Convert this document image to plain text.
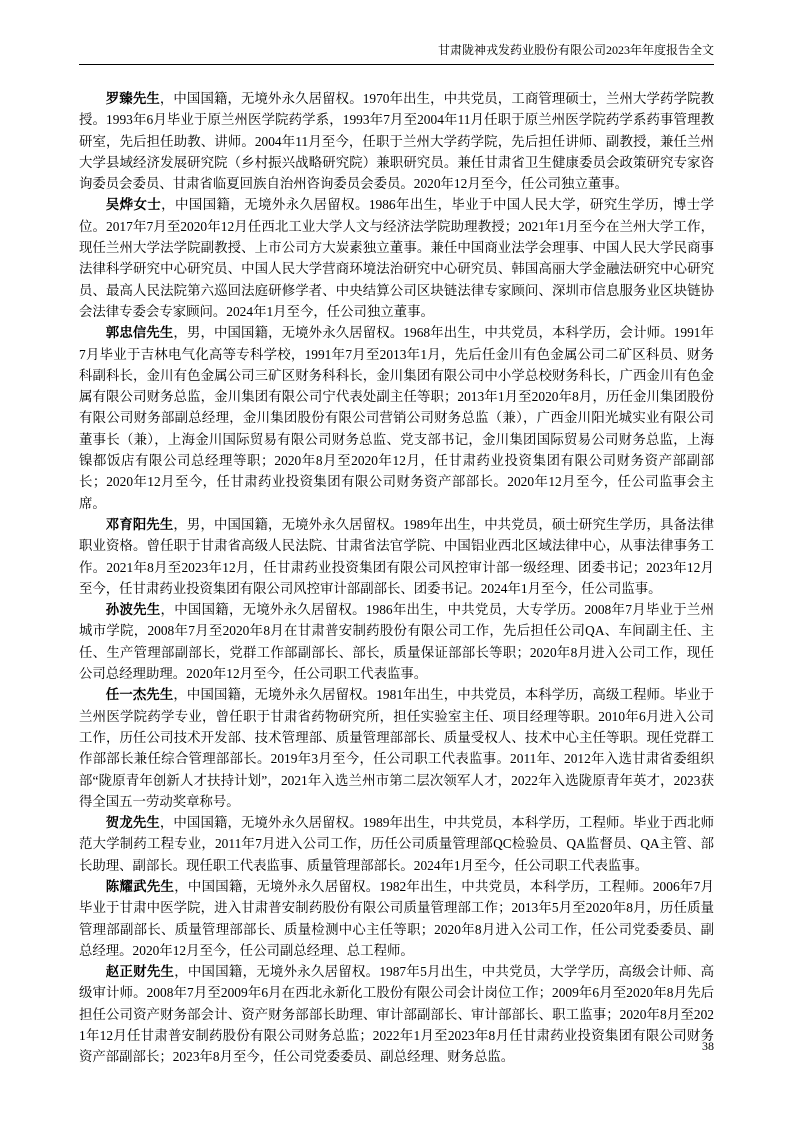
甘肃陇神戎发药业股份有限公司2023年年度报告全文

罗臻先生，中国国籍，无境外永久居留权。1970年出生，中共党员，工商管理硕士，兰州大学药学院教授。1993年6月毕业于原兰州医学院药学系，1993年7月至2004年11月任职于原兰州医学院药学系药事管理教研室，先后担任助教、讲师。2004年11月至今，任职于兰州大学药学院，先后担任讲师、副教授，兼任兰州大学县域经济发展研究院（乡村振兴战略研究院）兼职研究员。兼任甘肃省卫生健康委员会政策研究专家咨询委员会委员、甘肃省临夏回族自治州咨询委员会委员。2020年12月至今，任公司独立董事。

吴烨女士，中国国籍，无境外永久居留权。1986年出生，毕业于中国人民大学，研究生学历，博士学位。2017年7月至2020年12月任西北工业大学人文与经济法学院助理教授；2021年1月至今在兰州大学工作，现任兰州大学法学院副教授、上市公司方大炭素独立董事。兼任中国商业法学会理事、中国人民大学民商事法律科学研究中心研究员、中国人民大学营商环境法治研究中心研究员、韩国高丽大学金融法研究中心研究员、最高人民法院第六巡回法庭研修学者、中央结算公司区块链法律专家顾问、深圳市信息服务业区块链协会法律专委会专家顾问。2024年1月至今，任公司独立董事。

郭忠信先生，男，中国国籍，无境外永久居留权。1968年出生，中共党员，本科学历，会计师。1991年7月毕业于吉林电气化高等专科学校，1991年7月至2013年1月，先后任金川有色金属公司二矿区科员、财务科副科长，金川有色金属公司三矿区财务科科长，金川集团有限公司中小学总校财务科长，广西金川有色金属有限公司财务总监，金川集团有限公司宁代表处副主任等职；2013年1月至2020年8月，历任金川集团股份有限公司财务部副总经理，金川集团股份有限公司营销公司财务总监（兼），广西金川阳光城实业有限公司董事长（兼），上海金川国际贸易有限公司财务总监、党支部书记，金川集团国际贸易公司财务总监，上海镍都饭店有限公司总经理等职；2020年8月至2020年12月，任甘肃药业投资集团有限公司财务资产部副部长；2020年12月至今，任甘肃药业投资集团有限公司财务资产部部长。2020年12月至今，任公司监事会主席。

邓育阳先生，男，中国国籍，无境外永久居留权。1989年出生，中共党员，硕士研究生学历，具备法律职业资格。曾任职于甘肃省高级人民法院、甘肃省法官学院、中国铝业西北区域法律中心，从事法律事务工作。2021年8月至2023年12月，任甘肃药业投资集团有限公司风控审计部一级经理、团委书记；2023年12月至今，任甘肃药业投资集团有限公司风控审计部副部长、团委书记。2024年1月至今，任公司监事。

孙波先生，中国国籍，无境外永久居留权。1986年出生，中共党员，大专学历。2008年7月毕业于兰州城市学院，2008年7月至2020年8月在甘肃普安制药股份有限公司工作，先后担任公司QA、车间副主任、主任、生产管理部副部长，党群工作部副部长、部长，质量保证部部长等职；2020年8月进入公司工作，现任公司总经理助理。2020年12月至今，任公司职工代表监事。

任一杰先生，中国国籍，无境外永久居留权。1981年出生，中共党员，本科学历，高级工程师。毕业于兰州医学院药学专业，曾任职于甘肃省药物研究所，担任实验室主任、项目经理等职。2010年6月进入公司工作，历任公司技术开发部、技术管理部、质量管理部部长、质量受权人、技术中心主任等职。现任党群工作部部长兼任综合管理部部长。2019年3月至今，任公司职工代表监事。2011年、2012年入选甘肃省委组织部“陇原青年创新人才扶持计划”，2021年入选兰州市第二层次领军人才，2022年入选陇原青年英才，2023获得全国五一劳动奖章称号。

贺龙先生，中国国籍，无境外永久居留权。1989年出生，中共党员，本科学历，工程师。毕业于西北师范大学制药工程专业，2011年7月进入公司工作，历任公司质量管理部QC检验员、QA监督员、QA主管、部长助理、副部长。现任职工代表监事、质量管理部部长。2024年1月至今，任公司职工代表监事。

陈耀武先生，中国国籍，无境外永久居留权。1982年出生，中共党员，本科学历，工程师。2006年7月毕业于甘肃中医学院，进入甘肃普安制药股份有限公司质量管理部工作；2013年5月至2020年8月，历任质量管理部副部长、质量管理部部长、质量检测中心主任等职；2020年8月进入公司工作，任公司党委委员、副总经理。2020年12月至今，任公司副总经理、总工程师。

赵正财先生，中国国籍，无境外永久居留权。1987年5月出生，中共党员，大学学历，高级会计师、高级审计师。2008年7月至2009年6月在西北永新化工股份有限公司会计岗位工作；2009年6月至2020年8月先后担任公司资产财务部会计、资产财务部部长助理、审计部副部长、审计部部长、职工监事；2020年8月至2021年12月任甘肃普安制药股份有限公司财务总监；2022年1月至2023年8月任甘肃药业投资集团有限公司财务资产部副部长；2023年8月至今，任公司党委委员、副总经理、财务总监。

38
